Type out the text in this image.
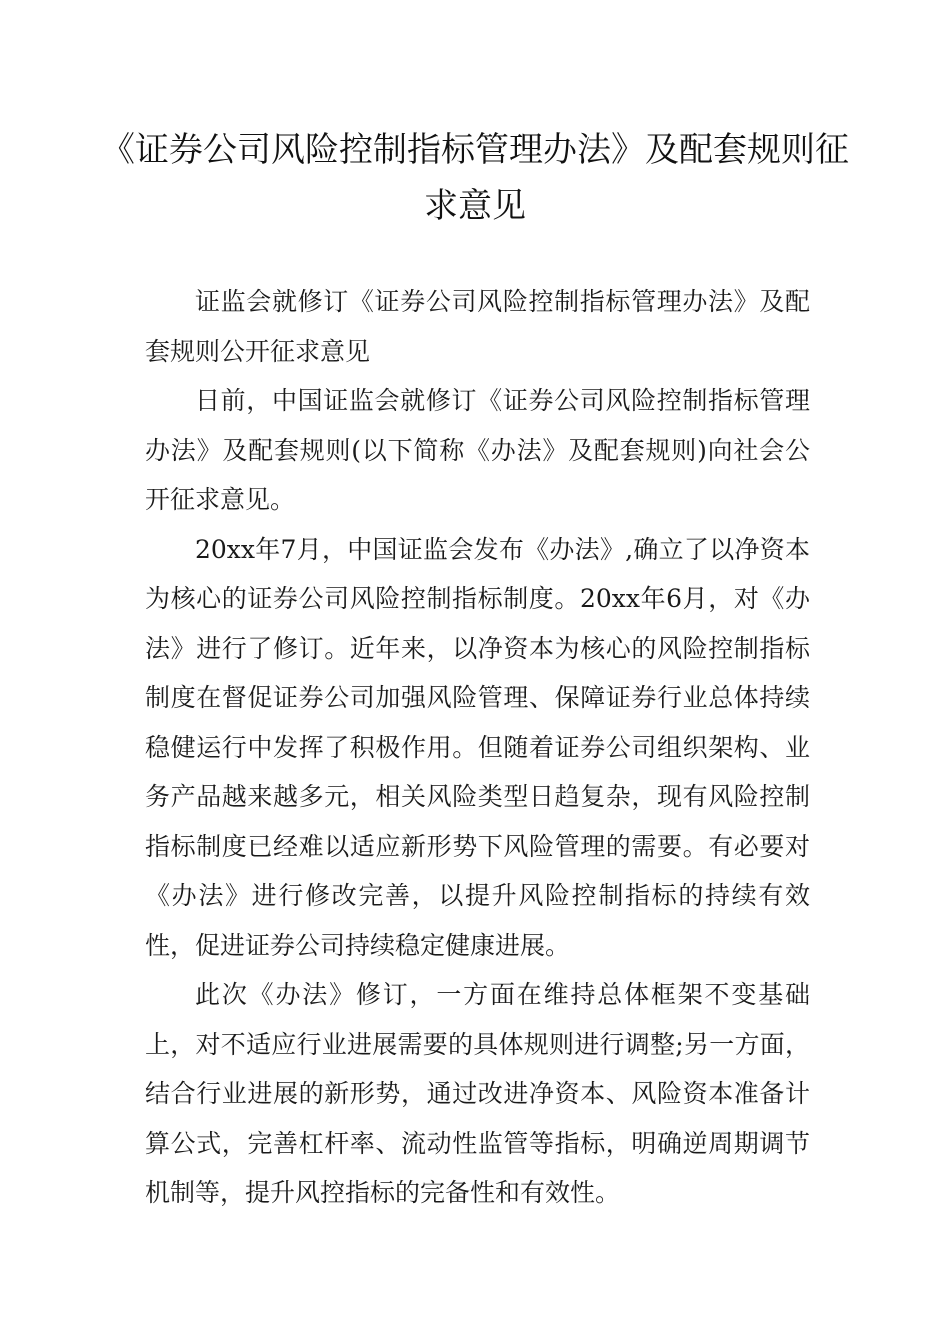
《证券公司风险控制指标管理办法》及配套规则征求意见

证监会就修订《证券公司风险控制指标管理办法》及配套规则公开征求意见

日前，中国证监会就修订《证券公司风险控制指标管理办法》及配套规则(以下简称《办法》及配套规则)向社会公开征求意见。

20xx年7月，中国证监会发布《办法》,确立了以净资本为核心的证券公司风险控制指标制度。20xx年6月，对《办法》进行了修订。近年来，以净资本为核心的风险控制指标制度在督促证券公司加强风险管理、保障证券行业总体持续稳健运行中发挥了积极作用。但随着证券公司组织架构、业务产品越来越多元，相关风险类型日趋复杂，现有风险控制指标制度已经难以适应新形势下风险管理的需要。有必要对《办法》进行修改完善，以提升风险控制指标的持续有效性，促进证券公司持续稳定健康进展。

此次《办法》修订，一方面在维持总体框架不变基础上，对不适应行业进展需要的具体规则进行调整;另一方面，结合行业进展的新形势，通过改进净资本、风险资本准备计算公式，完善杠杆率、流动性监管等指标，明确逆周期调节机制等，提升风控指标的完备性和有效性。
